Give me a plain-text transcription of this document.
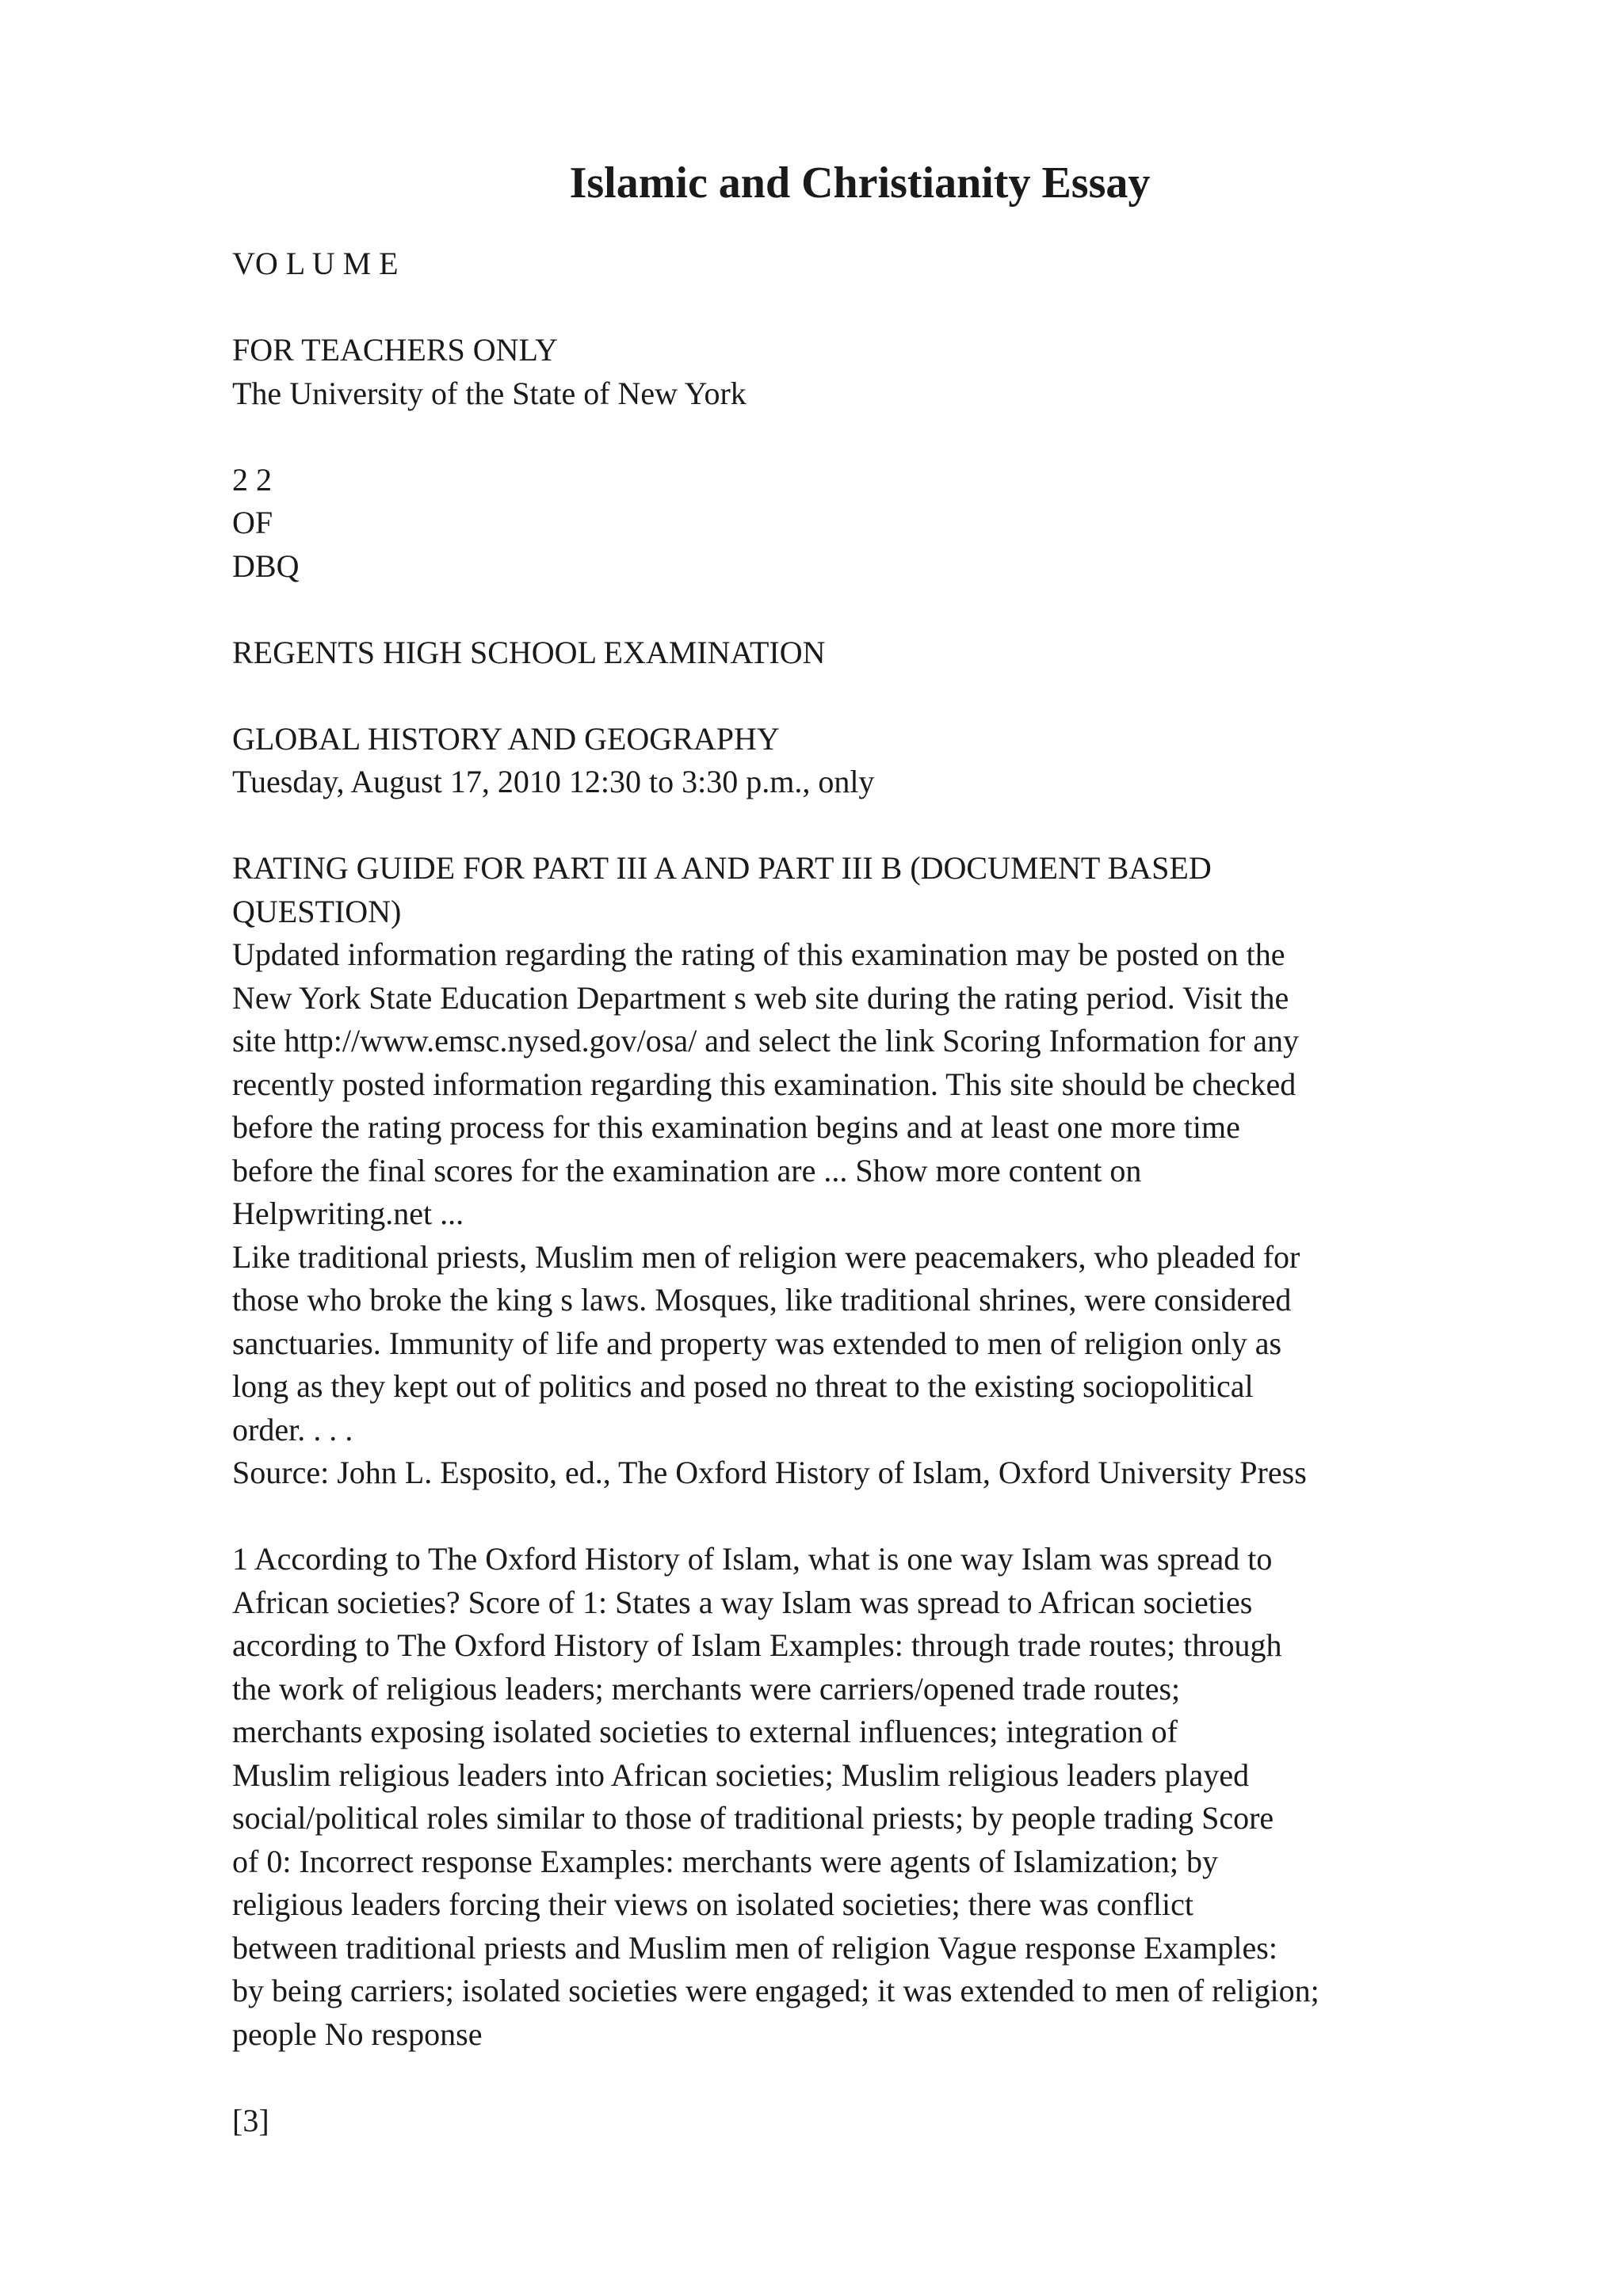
Islamic and Christianity Essay
VO L U M E
FOR TEACHERS ONLY
The University of the State of New York
2 2
OF
DBQ
REGENTS HIGH SCHOOL EXAMINATION
GLOBAL HISTORY AND GEOGRAPHY
Tuesday, August 17, 2010 12:30 to 3:30 p.m., only
RATING GUIDE FOR PART III A AND PART III B (DOCUMENT BASED
QUESTION)
Updated information regarding the rating of this examination may be posted on the
New York State Education Department s web site during the rating period. Visit the
site http://www.emsc.nysed.gov/osa/ and select the link Scoring Information for any
recently posted information regarding this examination. This site should be checked
before the rating process for this examination begins and at least one more time
before the final scores for the examination are ... Show more content on
Helpwriting.net ...
Like traditional priests, Muslim men of religion were peacemakers, who pleaded for
those who broke the king s laws. Mosques, like traditional shrines, were considered
sanctuaries. Immunity of life and property was extended to men of religion only as
long as they kept out of politics and posed no threat to the existing sociopolitical
order. . . .
Source: John L. Esposito, ed., The Oxford History of Islam, Oxford University Press
1 According to The Oxford History of Islam, what is one way Islam was spread to
African societies? Score of 1: States a way Islam was spread to African societies
according to The Oxford History of Islam Examples: through trade routes; through
the work of religious leaders; merchants were carriers/opened trade routes;
merchants exposing isolated societies to external influences; integration of
Muslim religious leaders into African societies; Muslim religious leaders played
social/political roles similar to those of traditional priests; by people trading Score
of 0: Incorrect response Examples: merchants were agents of Islamization; by
religious leaders forcing their views on isolated societies; there was conflict
between traditional priests and Muslim men of religion Vague response Examples:
by being carriers; isolated societies were engaged; it was extended to men of religion;
people No response
[3]
